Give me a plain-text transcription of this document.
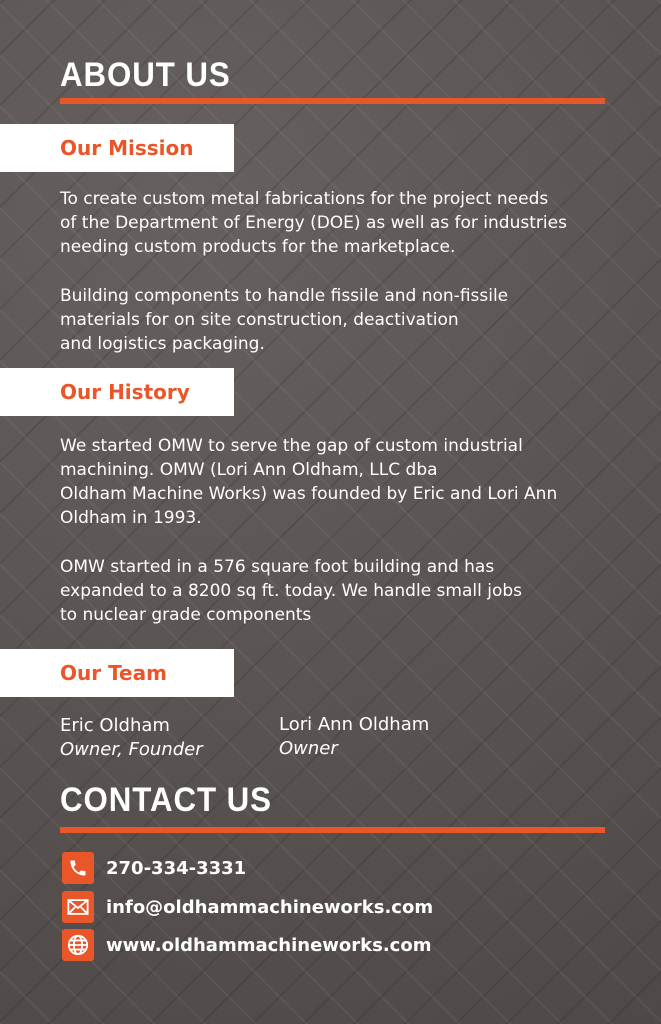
ABOUT US
Our Mission

To create custom metal fabrications for the project needs
of the Department of Energy (DOE) as well as for industries
needing custom products for the marketplace.

Building components to handle fissile and non-fissile
materials for on site construction, deactivation
and logistics packaging.

Our History

We started OMW to serve the gap of custom industrial
machining. OMW (Lori Ann Oldham, LLC dba
Oldham Machine Works) was founded by Eric and Lori Ann
Oldham in 1993.

OMW started in a 576 square foot building and has
expanded to a 8200 sq ft. today. We handle small jobs
to nuclear grade components

Our Team
Eric Oldham
Owner, Founder
Lori Ann Oldham
Owner
CONTACT US
270-334-3331
info@oldhammachineworks.com
www.oldhammachineworks.com
